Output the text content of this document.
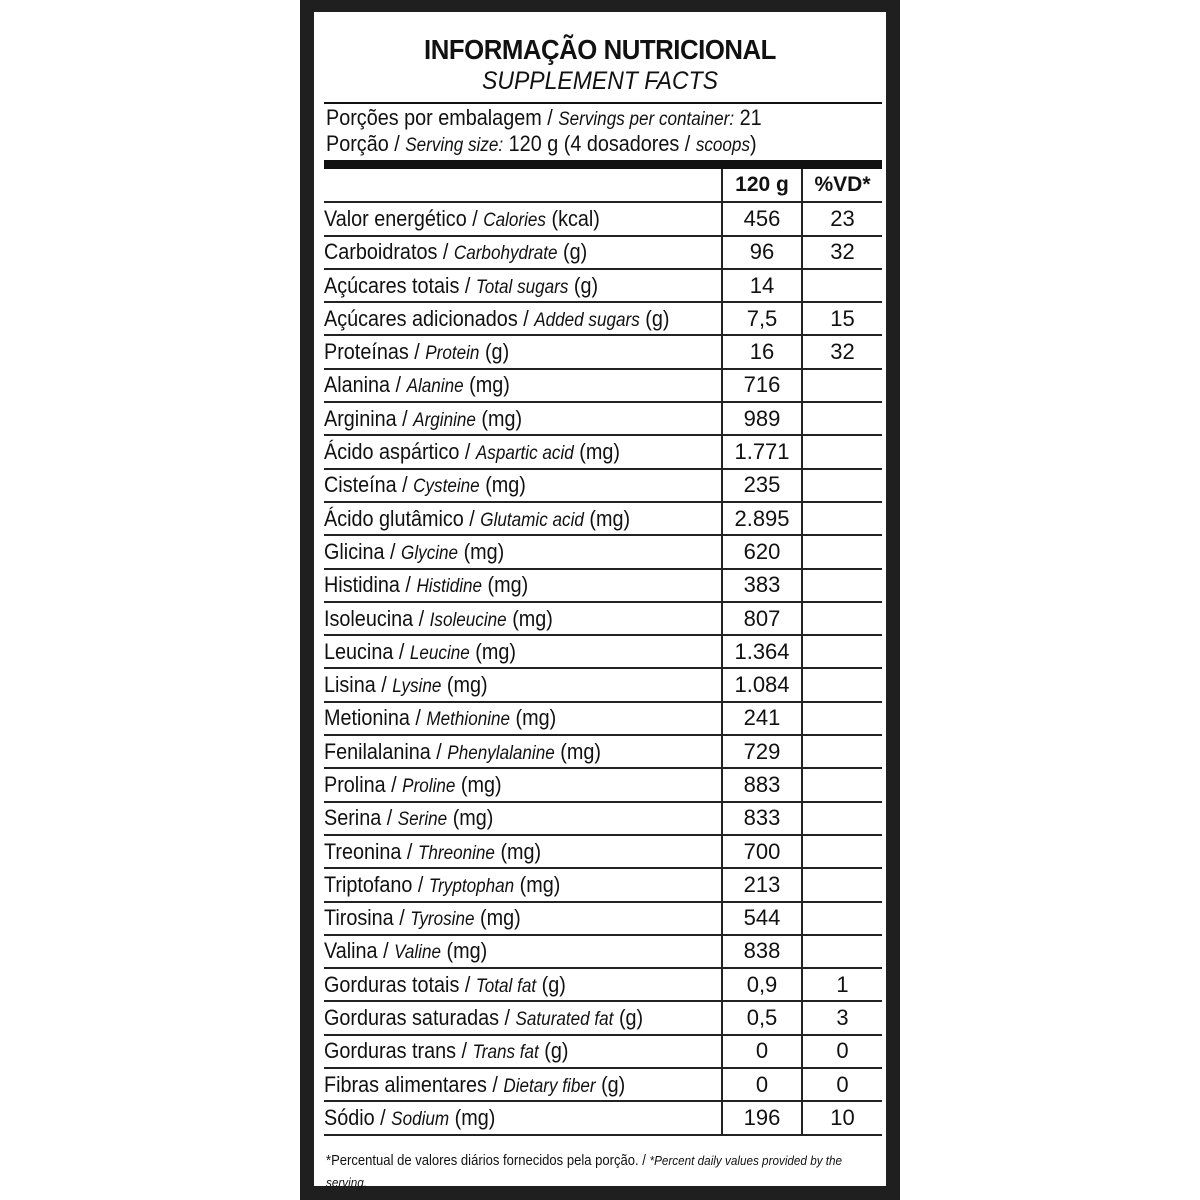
INFORMAÇÃO NUTRICIONAL
SUPPLEMENT FACTS
Porções por embalagem / Servings per container: 21
Porção / Serving size: 120 g (4 dosadores / scoops)
	120 g	%VD*
Valor energético / Calories (kcal)	456	23
Carboidratos / Carbohydrate (g)	96	32
Açúcares totais / Total sugars (g)	14	
Açúcares adicionados / Added sugars (g)	7,5	15
Proteínas / Protein (g)	16	32
Alanina / Alanine (mg)	716	
Arginina / Arginine (mg)	989	
Ácido aspártico / Aspartic acid (mg)	1.771	
Cisteína / Cysteine (mg)	235	
Ácido glutâmico / Glutamic acid (mg)	2.895	
Glicina / Glycine (mg)	620	
Histidina / Histidine (mg)	383	
Isoleucina / Isoleucine (mg)	807	
Leucina / Leucine (mg)	1.364	
Lisina / Lysine (mg)	1.084	
Metionina / Methionine (mg)	241	
Fenilalanina / Phenylalanine (mg)	729	
Prolina / Proline (mg)	883	
Serina / Serine (mg)	833	
Treonina / Threonine (mg)	700	
Triptofano / Tryptophan (mg)	213	
Tirosina / Tyrosine (mg)	544	
Valina / Valine (mg)	838	
Gorduras totais / Total fat (g)	0,9	1
Gorduras saturadas / Saturated fat (g)	0,5	3
Gorduras trans / Trans fat (g)	0	0
Fibras alimentares / Dietary fiber (g)	0	0
Sódio / Sodium (mg)	196	10
*Percentual de valores diários fornecidos pela porção. / *Percent daily values provided by the serving.
